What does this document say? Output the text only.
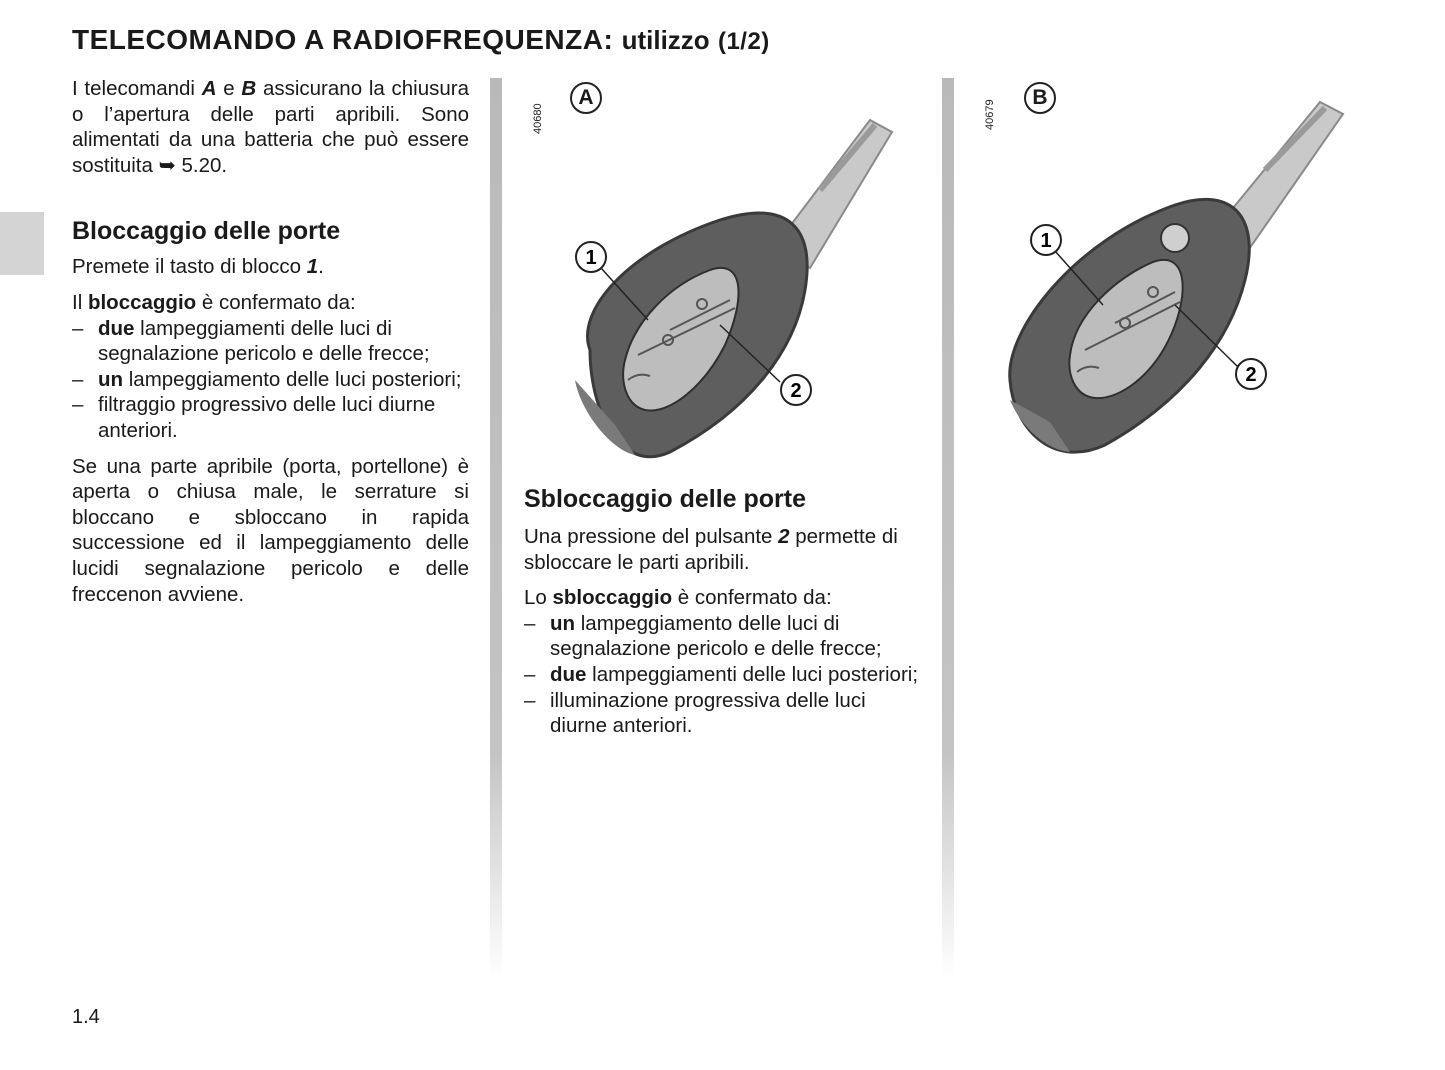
TELECOMANDO A RADIOFREQUENZA: utilizzo (1/2)

I telecomandi A e B assicurano la chiusura o l’apertura delle parti apribili. Sono alimentati da una batteria che può essere sostituita ➥ 5.20.

Bloccaggio delle porte

Premete il tasto di blocco 1.

Il bloccaggio è confermato da:

– due lampeggiamenti delle luci di segnalazione pericolo e delle frecce;
– un lampeggiamento delle luci posteriori;
– filtraggio progressivo delle luci diurne anteriori.

Se una parte apribile (porta, portellone) è aperta o chiusa male, le serrature si bloccano e sbloccano in rapida successione ed il lampeggiamento delle lucidi segnalazione pericolo e delle freccenon avviene.

40680
A
1
2
Sbloccaggio delle porte

Una pressione del pulsante 2 permette di sbloccare le parti apribili.

Lo sbloccaggio è confermato da:

– un lampeggiamento delle luci di segnalazione pericolo e delle frecce;
– due lampeggiamenti delle luci posteriori;
– illuminazione progressiva delle luci diurne anteriori.
40679
B
1
2
1.4
